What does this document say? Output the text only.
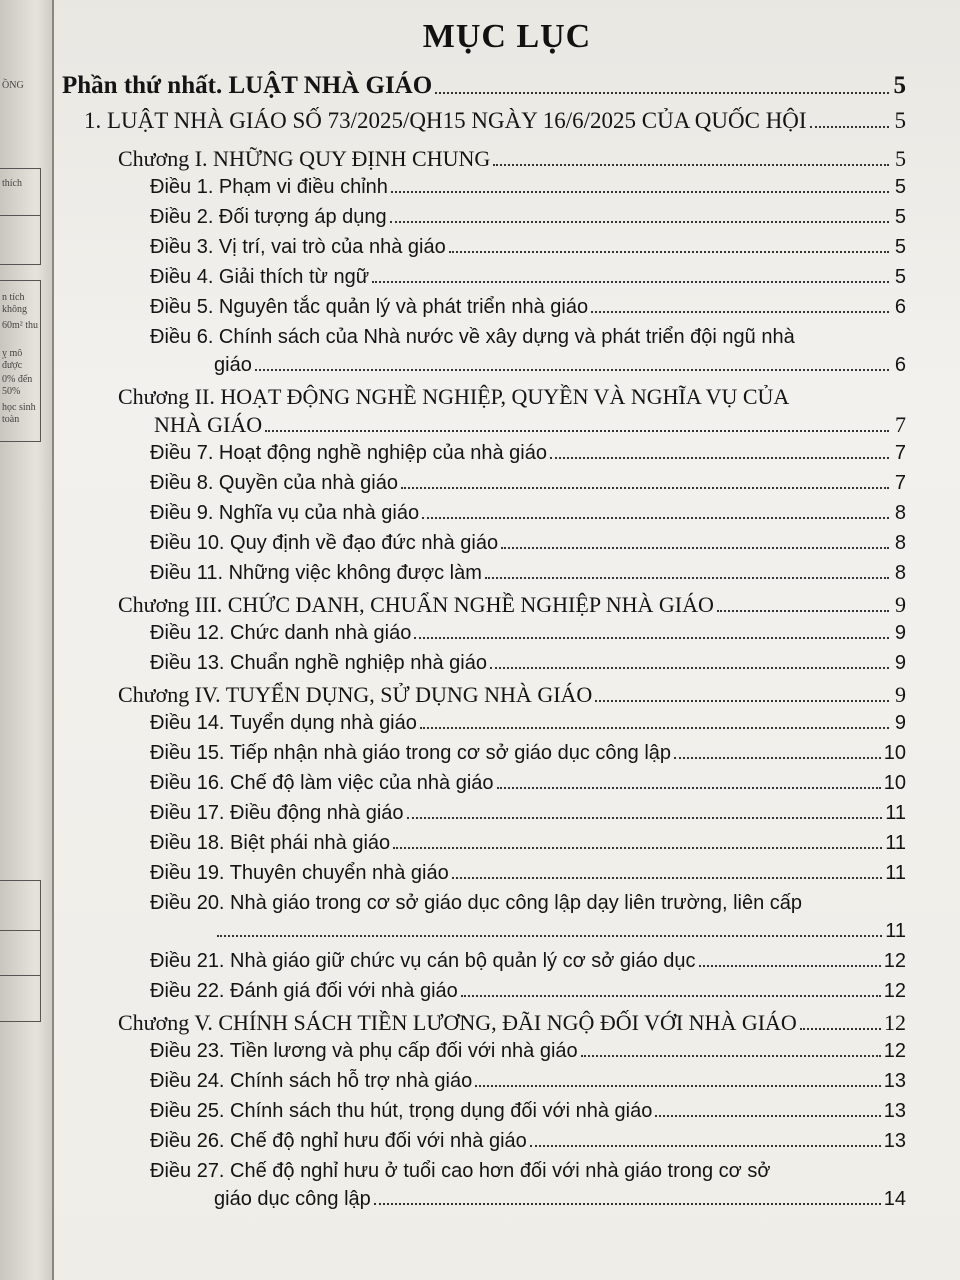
ỒNG
thích
n tích không
60m² thu
ỵ mô được
0% đến 50%
học sinh toàn
MỤC LỤC
Phần thứ nhất. LUẬT NHÀ GIÁO	5
1. LUẬT NHÀ GIÁO SỐ 73/2025/QH15 NGÀY 16/6/2025 CỦA QUỐC HỘI	5
Chương I. NHỮNG QUY ĐỊNH CHUNG	5
Điều 1. Phạm vi điều chỉnh	5
Điều 2. Đối tượng áp dụng	5
Điều 3. Vị trí, vai trò của nhà giáo	5
Điều 4. Giải thích từ ngữ	5
Điều 5. Nguyên tắc quản lý và phát triển nhà giáo	6
Điều 6. Chính sách của Nhà nước về xây dựng và phát triển đội ngũ nhà
giáo	6
Chương II. HOẠT ĐỘNG NGHỀ NGHIỆP, QUYỀN VÀ NGHĨA VỤ CỦA
NHÀ GIÁO	7
Điều 7. Hoạt động nghề nghiệp của nhà giáo	7
Điều 8. Quyền của nhà giáo	7
Điều 9. Nghĩa vụ của nhà giáo	8
Điều 10. Quy định về đạo đức nhà giáo	8
Điều 11. Những việc không được làm	8
Chương III. CHỨC DANH, CHUẨN NGHỀ NGHIỆP NHÀ GIÁO	9
Điều 12. Chức danh nhà giáo	9
Điều 13. Chuẩn nghề nghiệp nhà giáo	9
Chương IV. TUYỂN DỤNG, SỬ DỤNG NHÀ GIÁO	9
Điều 14. Tuyển dụng nhà giáo	9
Điều 15. Tiếp nhận nhà giáo trong cơ sở giáo dục công lập	10
Điều 16. Chế độ làm việc của nhà giáo	10
Điều 17. Điều động nhà giáo	11
Điều 18. Biệt phái nhà giáo	11
Điều 19. Thuyên chuyển nhà giáo	11
Điều 20. Nhà giáo trong cơ sở giáo dục công lập dạy liên trường, liên cấp
11
Điều 21. Nhà giáo giữ chức vụ cán bộ quản lý cơ sở giáo dục	12
Điều 22. Đánh giá đối với nhà giáo	12
Chương V. CHÍNH SÁCH TIỀN LƯƠNG, ĐÃI NGỘ ĐỐI VỚI NHÀ GIÁO	12
Điều 23. Tiền lương và phụ cấp đối với nhà giáo	12
Điều 24. Chính sách hỗ trợ nhà giáo	13
Điều 25. Chính sách thu hút, trọng dụng đối với nhà giáo	13
Điều 26. Chế độ nghỉ hưu đối với nhà giáo	13
Điều 27. Chế độ nghỉ hưu ở tuổi cao hơn đối với nhà giáo trong cơ sở
giáo dục công lập	14
